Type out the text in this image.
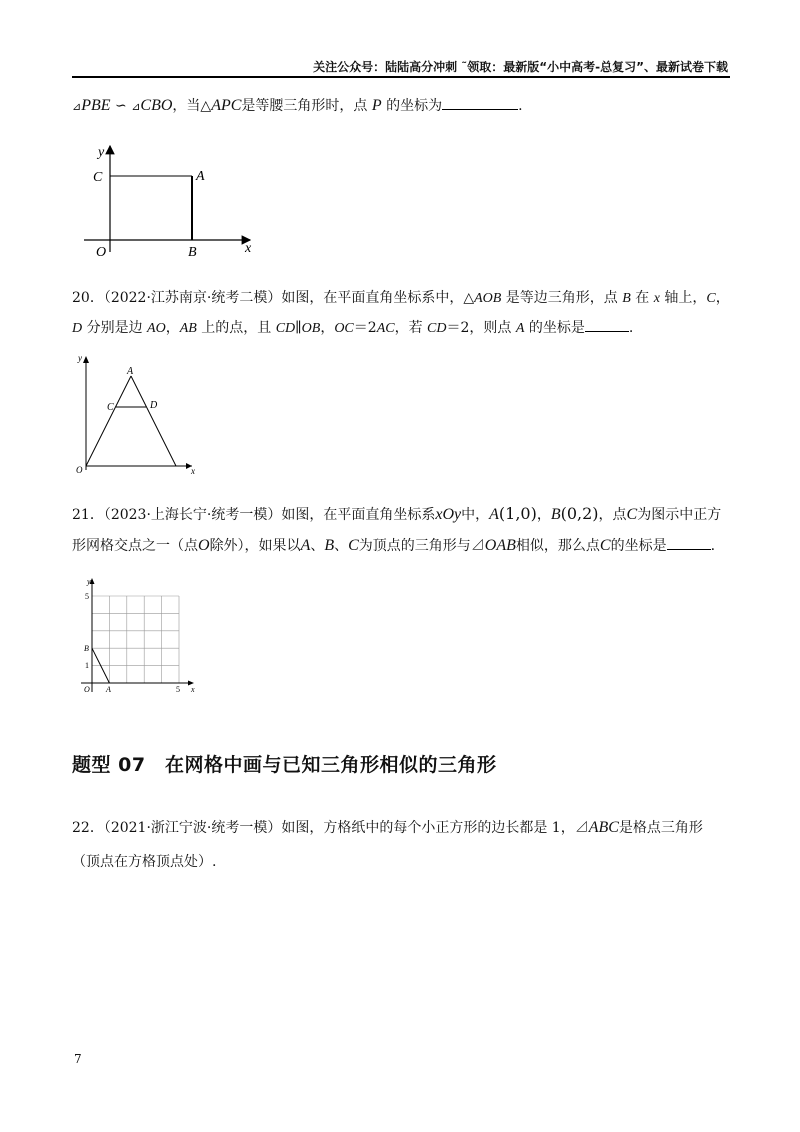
关注公众号：陆陆高分冲刺 ˜领取：最新版“小中高考-总复习”、最新试卷下载
⊿PBE ∽ ⊿CBO，当△APC是等腰三角形时，点 P 的坐标为	.
y
x
C	A
O	B
20．（2022·江苏南京·统考二模）如图，在平面直角坐标系中，△AOB 是等边三角形，点 B 在 x 轴上，C，
D 分别是边 AO，AB 上的点，且 CD∥OB，OC＝2AC，若 CD＝2，则点 A 的坐标是	.
y
A
C	D
O	x
21．（2023·上海长宁·统考一模）如图，在平面直角坐标系xOy中，A(1,0)，B(0,2)，点C为图示中正方
形网格交点之一（点O除外），如果以A、B、C为顶点的三角形与⊿OAB相似，那么点C的坐标是	.
y
x
5
B
1
O A	5
题型 07　在网格中画与已知三角形相似的三角形
22．（2021·浙江宁波·统考一模）如图，方格纸中的每个小正方形的边长都是 1，⊿ABC是格点三角形
（顶点在方格顶点处）.
7
